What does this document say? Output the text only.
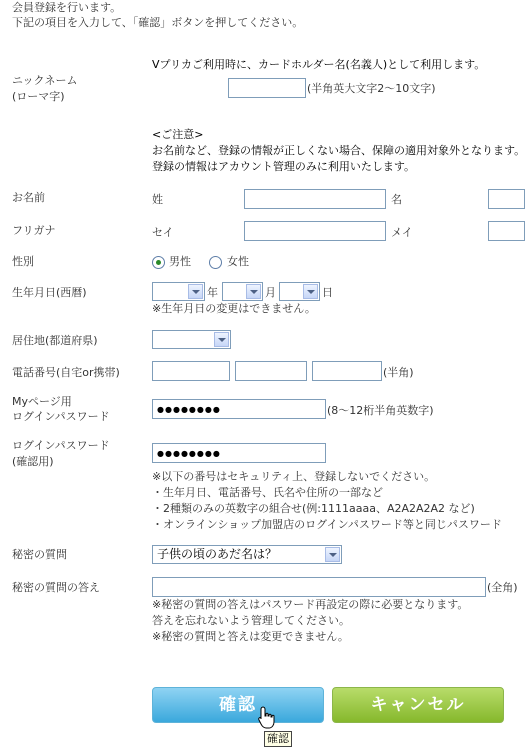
会員登録を行います。
下記の項目を入力して、「確認」ボタンを押してください。
Vプリカご利用時に、カードホルダー名(名義人)として利用します。
ニックネーム
(ローマ字)
(半角英大文字2〜10文字)
<ご注意>
お名前など、登録の情報が正しくない場合、保障の適用対象外となります。
登録の情報はアカウント管理のみに利用いたします。
お名前	姓	名
フリガナ	セイ	メイ
性別	男性	女性
生年月日(西暦)	年	月	日
※生年月日の変更はできません。
居住地(都道府県)
電話番号(自宅or携帯)	(半角)
Myページ用
ログインパスワード
●●●●●●●●	(8〜12桁半角英数字)
ログインパスワード
(確認用)
●●●●●●●●
※以下の番号はセキュリティ上、登録しないでください。
・生年月日、電話番号、氏名や住所の一部など
・2種類のみの英数字の組合せ(例:1111aaaa、A2A2A2A2 など)
・オンラインショップ加盟店のログインパスワード等と同じパスワード
秘密の質問	子供の頃のあだ名は？
秘密の質問の答え	(全角)
※秘密の質問の答えはパスワード再設定の際に必要となります。
答えを忘れないよう管理してください。
※秘密の質問と答えは変更できません。
確認	キャンセル
確認
